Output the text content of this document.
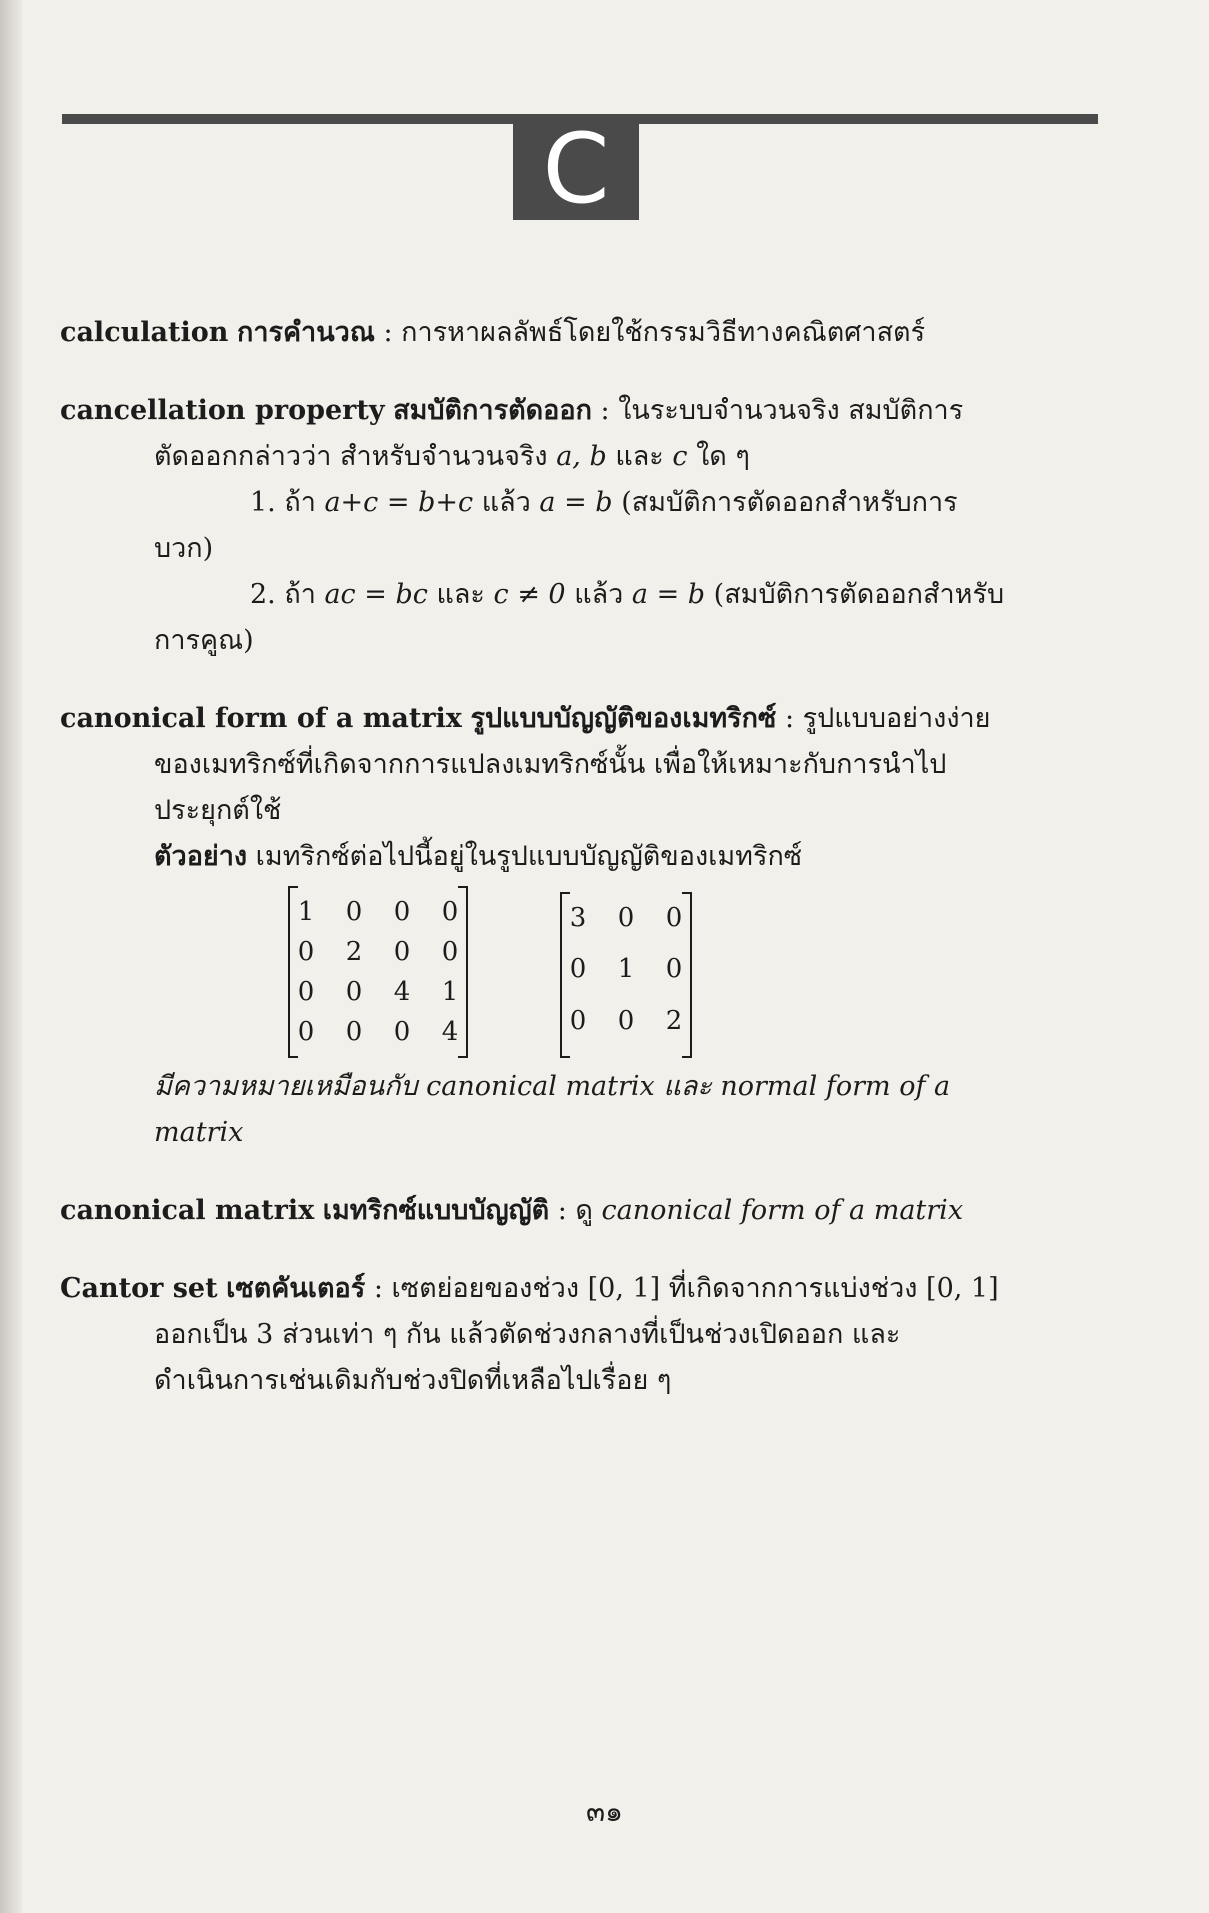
C
calculation การคำนวณ : การหาผลลัพธ์โดยใช้กรรมวิธีทางคณิตศาสตร์
cancellation property สมบัติการตัดออก : ในระบบจำนวนจริง สมบัติการ
ตัดออกกล่าวว่า สำหรับจำนวนจริง a, b และ c ใด ๆ
1. ถ้า a+c = b+c แล้ว a = b (สมบัติการตัดออกสำหรับการ
บวก)
2. ถ้า ac = bc และ c ≠ 0 แล้ว a = b (สมบัติการตัดออกสำหรับ
การคูณ)
canonical form of a matrix รูปแบบบัญญัติของเมทริกซ์ : รูปแบบอย่างง่าย
ของเมทริกซ์ที่เกิดจากการแปลงเมทริกซ์นั้น เพื่อให้เหมาะกับการนำไป
ประยุกต์ใช้
ตัวอย่าง เมทริกซ์ต่อไปนี้อยู่ในรูปแบบบัญญัติของเมทริกซ์
1 0 0 0
0 2 0 0
0 0 4 1
0 0 0 4
3 0 0
0 1 0
0 0 2
มีความหมายเหมือนกับ canonical matrix และ normal form of a
matrix
canonical matrix เมทริกซ์แบบบัญญัติ : ดู canonical form of a matrix
Cantor set เซตคันเตอร์ : เซตย่อยของช่วง [0, 1] ที่เกิดจากการแบ่งช่วง [0, 1]
ออกเป็น 3 ส่วนเท่า ๆ กัน แล้วตัดช่วงกลางที่เป็นช่วงเปิดออก และ
ดำเนินการเช่นเดิมกับช่วงปิดที่เหลือไปเรื่อย ๆ
๓๑
